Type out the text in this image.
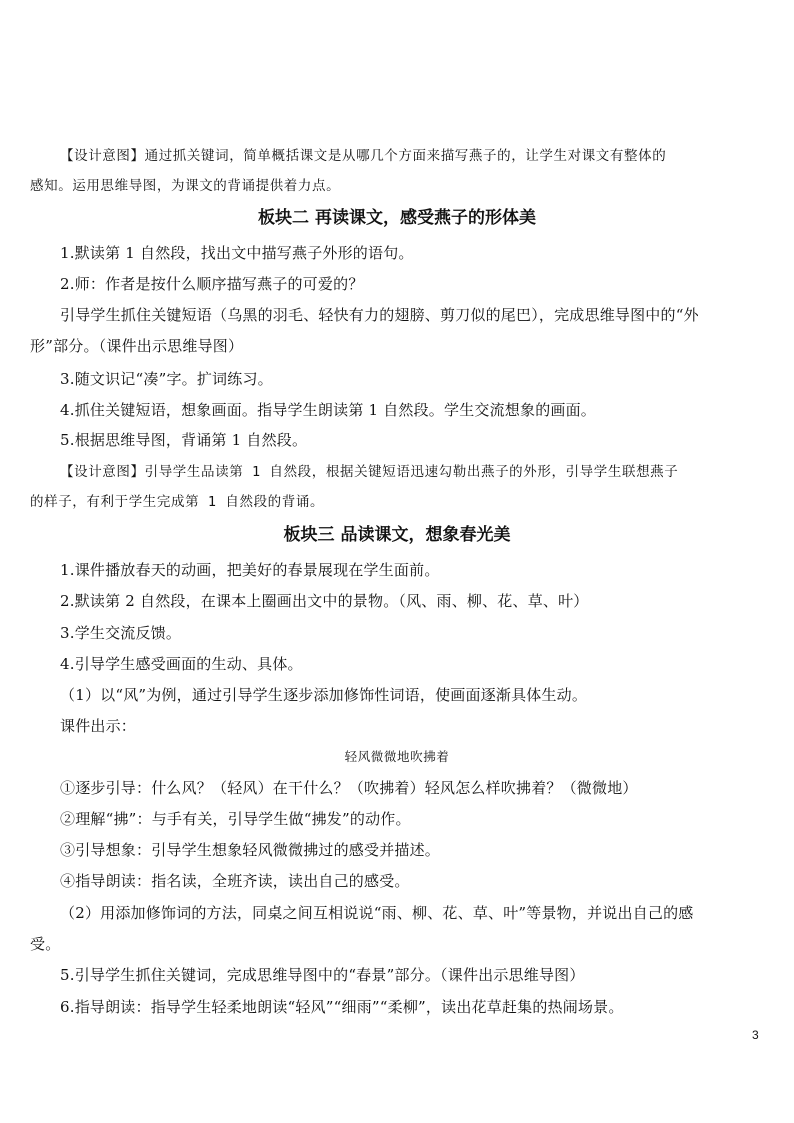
【设计意图】通过抓关键词，简单概括课文是从哪几个方面来描写燕子的，让学生对课文有整体的
感知。运用思维导图，为课文的背诵提供着力点。
板块二 再读课文，感受燕子的形体美
1.默读第 1 自然段，找出文中描写燕子外形的语句。
2.师：作者是按什么顺序描写燕子的可爱的？
引导学生抓住关键短语（乌黑的羽毛、轻快有力的翅膀、剪刀似的尾巴），完成思维导图中的“外
形”部分。（课件出示思维导图）
3.随文识记“凑”字。扩词练习。
4.抓住关键短语，想象画面。指导学生朗读第 1 自然段。学生交流想象的画面。
5.根据思维导图，背诵第 1 自然段。
【设计意图】引导学生品读第 1 自然段，根据关键短语迅速勾勒出燕子的外形，引导学生联想燕子
的样子，有利于学生完成第 1 自然段的背诵。
板块三 品读课文，想象春光美
1.课件播放春天的动画，把美好的春景展现在学生面前。
2.默读第 2 自然段，在课本上圈画出文中的景物。（风、雨、柳、花、草、叶）
3.学生交流反馈。
4.引导学生感受画面的生动、具体。
（1）以“风”为例，通过引导学生逐步添加修饰性词语，使画面逐渐具体生动。
课件出示：
轻风微微地吹拂着
①逐步引导：什么风？（轻风）在干什么？（吹拂着）轻风怎么样吹拂着？（微微地）
②理解“拂”：与手有关，引导学生做“拂发”的动作。
③引导想象：引导学生想象轻风微微拂过的感受并描述。
④指导朗读：指名读，全班齐读，读出自己的感受。
（2）用添加修饰词的方法，同桌之间互相说说“雨、柳、花、草、叶”等景物，并说出自己的感
受。
5.引导学生抓住关键词，完成思维导图中的“春景”部分。（课件出示思维导图）
6.指导朗读：指导学生轻柔地朗读“轻风”“细雨”“柔柳”，读出花草赶集的热闹场景。
3
